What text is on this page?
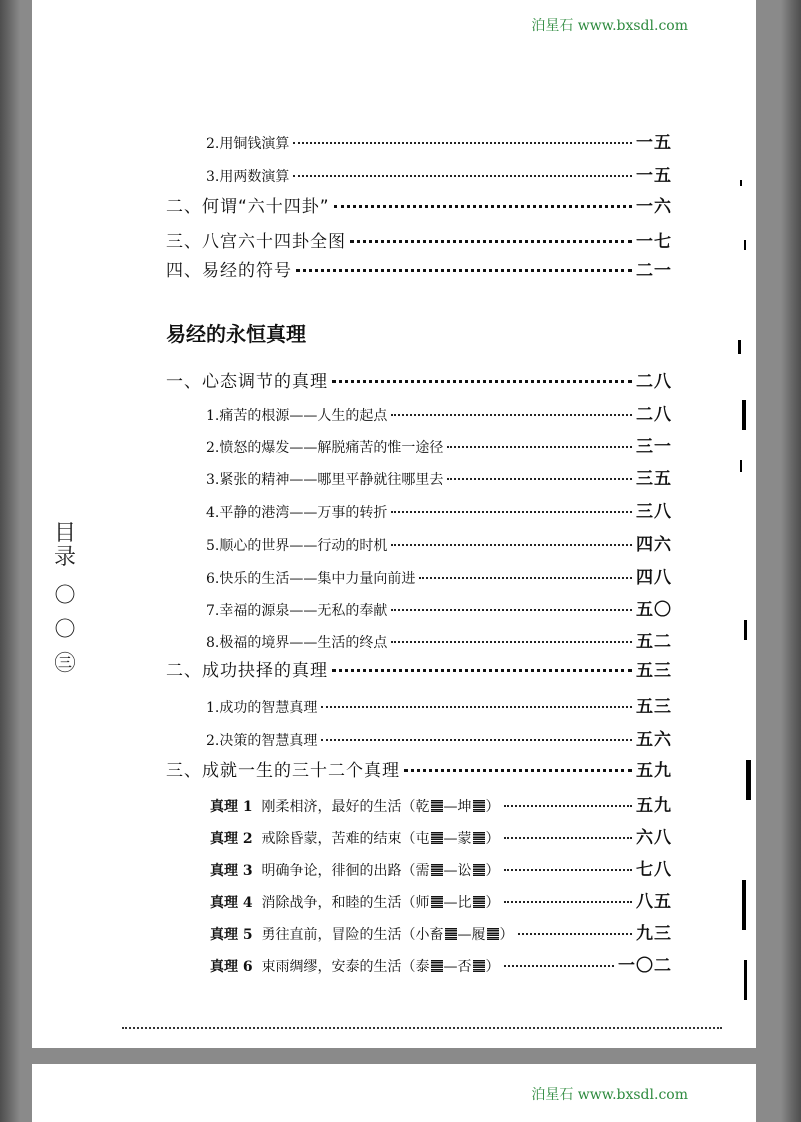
泊星石 www.bxsdl.com
2.用铜钱演算	一五
3.用两数演算	一五
二、何谓“六十四卦”	一六
三、八宫六十四卦全图	一七
四、易经的符号	二一
易经的永恒真理
一、心态调节的真理	二八
1.痛苦的根源——人生的起点	二八
2.愤怒的爆发——解脱痛苦的惟一途径	三一
3.紧张的精神——哪里平静就往哪里去	三五
4.平静的港湾——万事的转折	三八
5.顺心的世界——行动的时机	四六
6.快乐的生活——集中力量向前进	四八
7.幸福的源泉——无私的奉献	五〇
8.极福的境界——生活的终点	五二
二、成功抉择的真理	五三
1.成功的智慧真理	五三
2.决策的智慧真理	五六
三、成就一生的三十二个真理	五九
真理 1 刚柔相济，最好的生活（乾 —坤 ）	五九
真理 2 戒除昏蒙，苦难的结束（屯 —蒙 ）	六八
真理 3 明确争论，徘徊的出路（需 —讼 ）	七八
真理 4 消除战争，和睦的生活（师 —比 ）	八五
真理 5 勇往直前，冒险的生活（小畜 —履 ）	九三
真理 6 束雨绸缪，安泰的生活（泰 —否 ）	一〇二
目
录
〇
〇
㊂
泊星石 www.bxsdl.com
